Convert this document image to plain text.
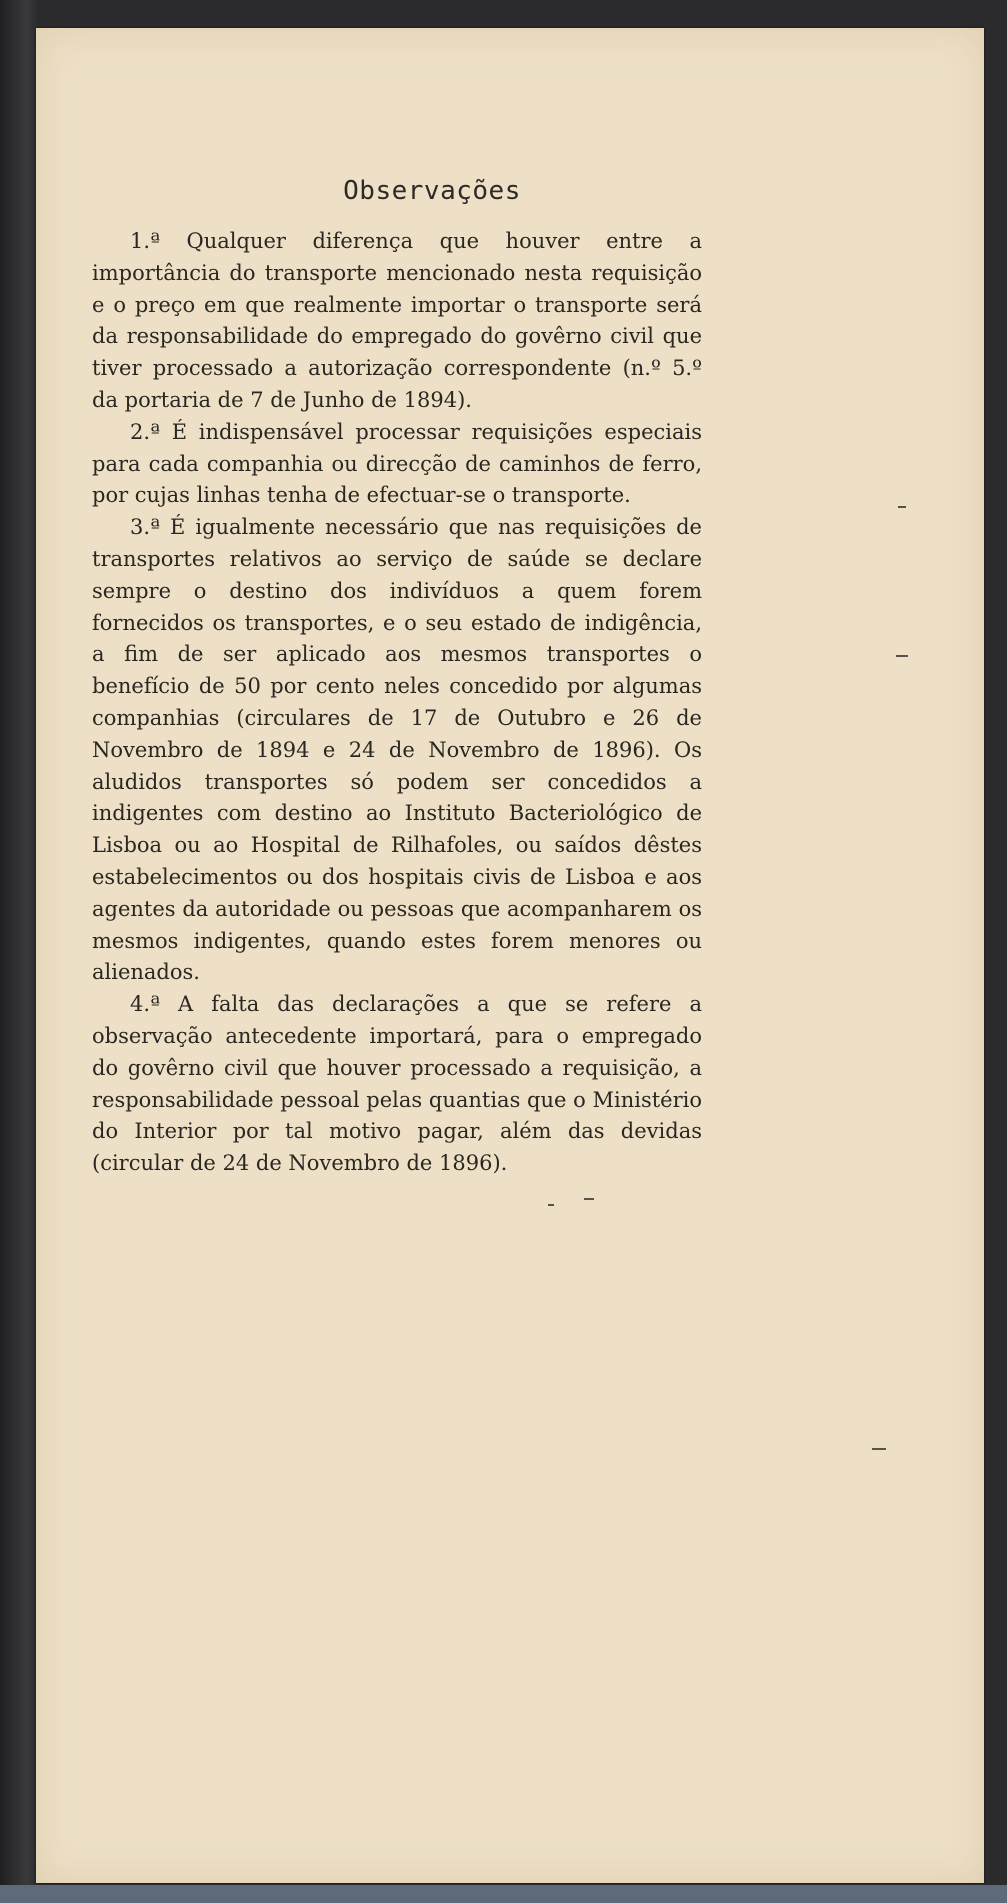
Observações

1.ª Qualquer diferença que houver entre a importância do transporte mencionado nesta requisição e o preço em que realmente importar o transporte será da responsabilidade do empregado do govêrno civil que tiver processado a autorização correspondente (n.º 5.º da portaria de 7 de Junho de 1894).

2.ª É indispensável processar requisições especiais para cada companhia ou direcção de caminhos de ferro, por cujas linhas tenha de efectuar-se o transporte.

3.ª É igualmente necessário que nas requisições de transportes relativos ao serviço de saúde se declare sempre o destino dos indivíduos a quem forem fornecidos os transportes, e o seu estado de indigência, a fim de ser aplicado aos mesmos transportes o benefício de 50 por cento neles concedido por algumas companhias (circulares de 17 de Outubro e 26 de Novembro de 1894 e 24 de Novembro de 1896). Os aludidos transportes só podem ser concedidos a indigentes com destino ao Instituto Bacteriológico de Lisboa ou ao Hospital de Rilhafoles, ou saídos dêstes estabelecimentos ou dos hospitais civis de Lisboa e aos agentes da autoridade ou pessoas que acompanharem os mesmos indigentes, quando estes forem menores ou alienados.

4.ª A falta das declarações a que se refere a observação antecedente importará, para o empregado do govêrno civil que houver processado a requisição, a responsabilidade pessoal pelas quantias que o Ministério do Interior por tal motivo pagar, além das devidas (circular de 24 de Novembro de 1896).
